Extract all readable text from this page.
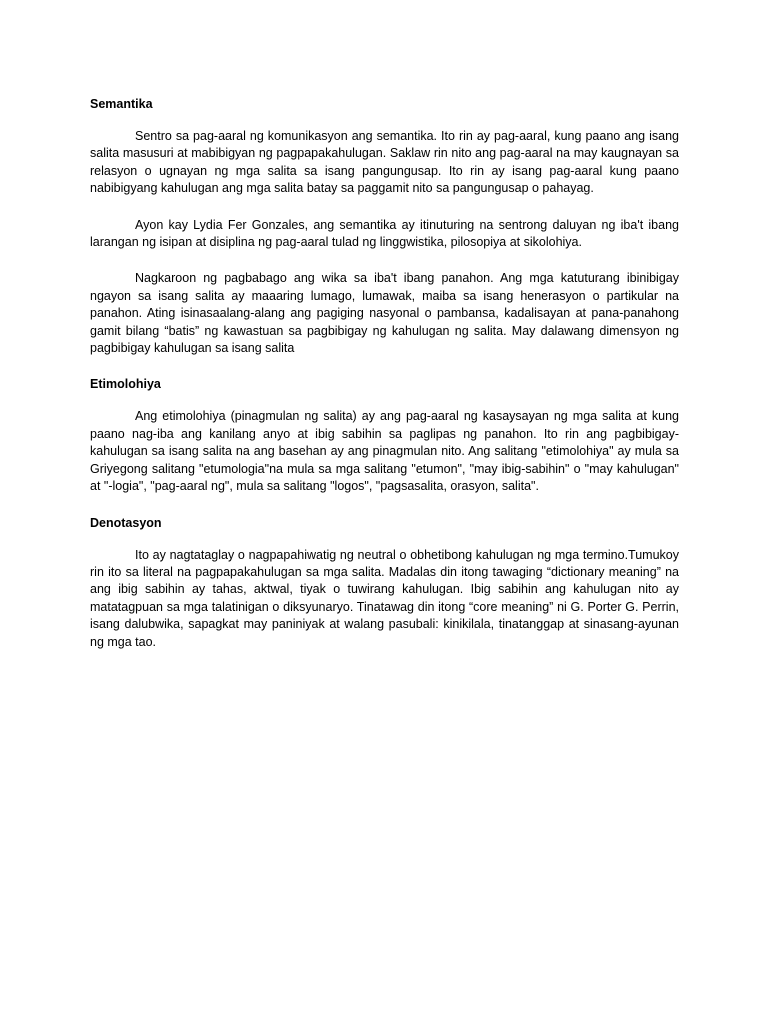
Semantika

Sentro sa pag-aaral ng komunikasyon ang semantika. Ito rin ay pag-aaral, kung paano ang isang salita masusuri at mabibigyan ng pagpapakahulugan. Saklaw rin nito ang pag-aaral na may kaugnayan sa relasyon o ugnayan ng mga salita sa isang pangungusap. Ito rin ay isang pag-aaral kung paano nabibigyang kahulugan ang mga salita batay sa paggamit nito sa pangungusap o pahayag.

Ayon kay Lydia Fer Gonzales, ang semantika ay itinuturing na sentrong daluyan ng iba't ibang larangan ng isipan at disiplina ng pag-aaral tulad ng linggwistika, pilosopiya at sikolohiya.

Nagkaroon ng pagbabago ang wika sa iba't ibang panahon. Ang mga katuturang ibinibigay ngayon sa isang salita ay maaaring lumago, lumawak, maiba sa isang henerasyon o partikular na panahon. Ating isinasaalang-alang ang pagiging nasyonal o pambansa, kadalisayan at pana-panahong gamit bilang “batis” ng kawastuan sa pagbibigay ng kahulugan ng salita. May dalawang dimensyon ng pagbibigay kahulugan sa isang salita

Etimolohiya

Ang etimolohiya (pinagmulan ng salita) ay ang pag-aaral ng kasaysayan ng mga salita at kung paano nag-iba ang kanilang anyo at ibig sabihin sa paglipas ng panahon. Ito rin ang pagbibigay-kahulugan sa isang salita na ang basehan ay ang pinagmulan nito. Ang salitang "etimolohiya" ay mula sa Griyegong salitang "etumologia"na mula sa mga salitang "etumon", "may ibig-sabihin" o "may kahulugan" at "-logia", "pag-aaral ng", mula sa salitang "logos", "pagsasalita, orasyon, salita".

Denotasyon

Ito ay nagtataglay o nagpapahiwatig ng neutral o obhetibong kahulugan ng mga termino.Tumukoy rin ito sa literal na pagpapakahulugan sa mga salita. Madalas din itong tawaging “dictionary meaning” na ang ibig sabihin ay tahas, aktwal, tiyak o tuwirang kahulugan. Ibig sabihin ang kahulugan nito ay matatagpuan sa mga talatinigan o diksyunaryo. Tinatawag din itong “core meaning” ni G. Porter G. Perrin, isang dalubwika, sapagkat may paniniyak at walang pasubali: kinikilala, tinatanggap at sinasang-ayunan ng mga tao.
